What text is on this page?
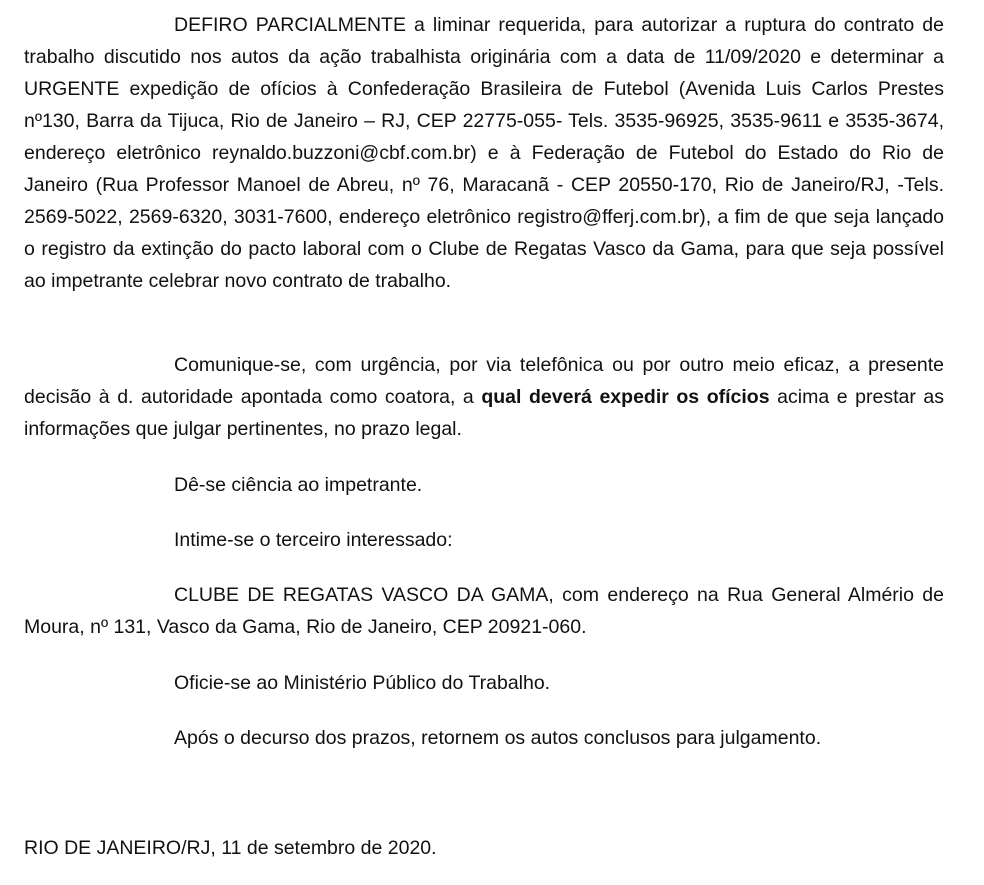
DEFIRO PARCIALMENTE a liminar requerida, para autorizar a ruptura do contrato de trabalho discutido nos autos da ação trabalhista originária com a data de 11/09/2020 e determinar a URGENTE expedição de ofícios à Confederação Brasileira de Futebol (Avenida Luis Carlos Prestes nº130, Barra da Tijuca, Rio de Janeiro – RJ, CEP 22775-055- Tels. 3535-96925, 3535-9611 e 3535-3674, endereço eletrônico reynaldo.buzzoni@cbf.com.br) e à Federação de Futebol do Estado do Rio de Janeiro (Rua Professor Manoel de Abreu, nº 76, Maracanã - CEP 20550-170, Rio de Janeiro/RJ, -Tels. 2569-5022, 2569-6320, 3031-7600, endereço eletrônico registro@fferj.com.br), a fim de que seja lançado o registro da extinção do pacto laboral com o Clube de Regatas Vasco da Gama, para que seja possível ao impetrante celebrar novo contrato de trabalho.

Comunique-se, com urgência, por via telefônica ou por outro meio eficaz, a presente decisão à d. autoridade apontada como coatora, a qual deverá expedir os ofícios acima e prestar as informações que julgar pertinentes, no prazo legal.

Dê-se ciência ao impetrante.

Intime-se o terceiro interessado:

CLUBE DE REGATAS VASCO DA GAMA, com endereço na Rua General Almério de Moura, nº 131, Vasco da Gama, Rio de Janeiro, CEP 20921-060.

Oficie-se ao Ministério Público do Trabalho.

Após o decurso dos prazos, retornem os autos conclusos para julgamento.

RIO DE JANEIRO/RJ, 11 de setembro de 2020.
